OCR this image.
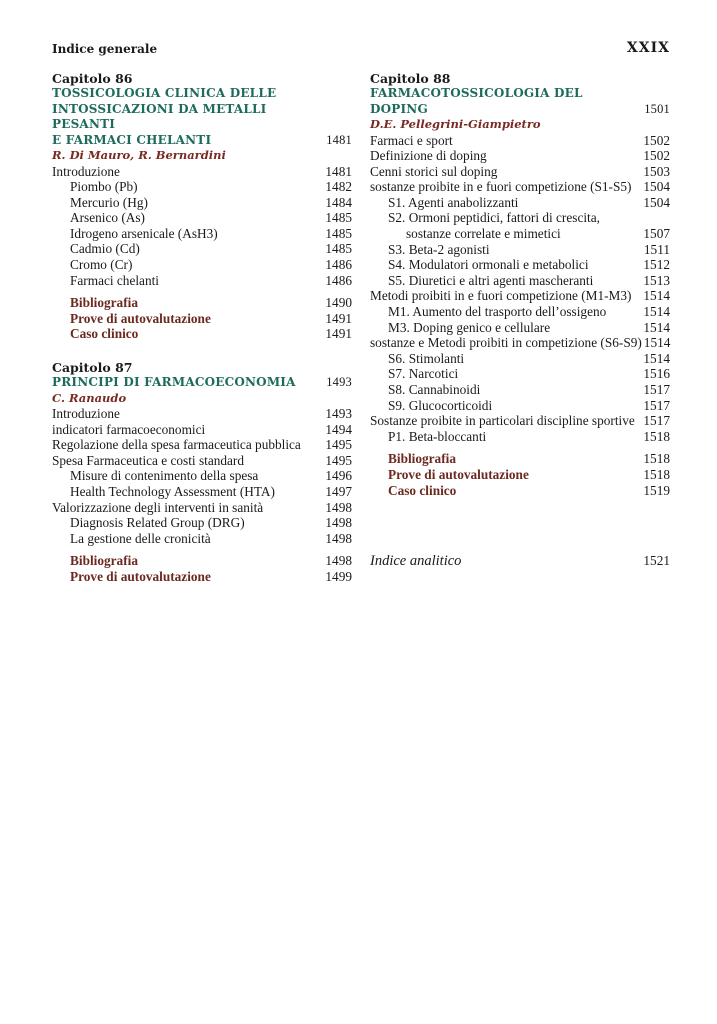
Indice generale	XXIX
Capitolo 86
TOSSICOLOGIA CLINICA DELLE
INTOSSICAZIONI DA METALLI PESANTI
E FARMACI CHELANTI	1481
R. Di Mauro, R. Bernardini
Introduzione	1481
Piombo (Pb)	1482
Mercurio (Hg)	1484
Arsenico (As)	1485
Idrogeno arsenicale (AsH3)	1485
Cadmio (Cd)	1485
Cromo (Cr)	1486
Farmaci chelanti	1486
Bibliografia	1490
Prove di autovalutazione	1491
Caso clinico	1491
Capitolo 87
PRINCIPI DI FARMACOECONOMIA	1493
C. Ranaudo
Introduzione	1493
indicatori farmacoeconomici	1494
Regolazione della spesa farmaceutica pubblica 1495
Spesa Farmaceutica e costi standard	1495
Misure di contenimento della spesa	1496
Health Technology Assessment (HTA)	1497
Valorizzazione degli interventi in sanità	1498
Diagnosis Related Group (DRG)	1498
La gestione delle cronicità	1498
Bibliografia	1498
Prove di autovalutazione	1499
Capitolo 88
FARMACOTOSSICOLOGIA DEL DOPING	1501
D.E. Pellegrini-Giampietro
Farmaci e sport	1502
Definizione di doping	1502
Cenni storici sul doping	1503
sostanze proibite in e fuori competizione (S1-S5) 1504
S1. Agenti anabolizzanti	1504
S2. Ormoni peptidici, fattori di crescita,
sostanze correlate e mimetici	1507
S3. Beta-2 agonisti	1511
S4. Modulatori ormonali e metabolici	1512
S5. Diuretici e altri agenti mascheranti	1513
Metodi proibiti in e fuori competizione (M1-M3) 1514
M1. Aumento del trasporto dell’ossigeno	1514
M3. Doping genico e cellulare	1514
sostanze e Metodi proibiti in competizione (S6-S9) 1514
S6. Stimolanti	1514
S7. Narcotici	1516
S8. Cannabinoidi	1517
S9. Glucocorticoidi	1517
Sostanze proibite in particolari discipline sportive 1517
P1. Beta-bloccanti	1518
Bibliografia	1518
Prove di autovalutazione	1518
Caso clinico	1519
Indice analitico	1521
